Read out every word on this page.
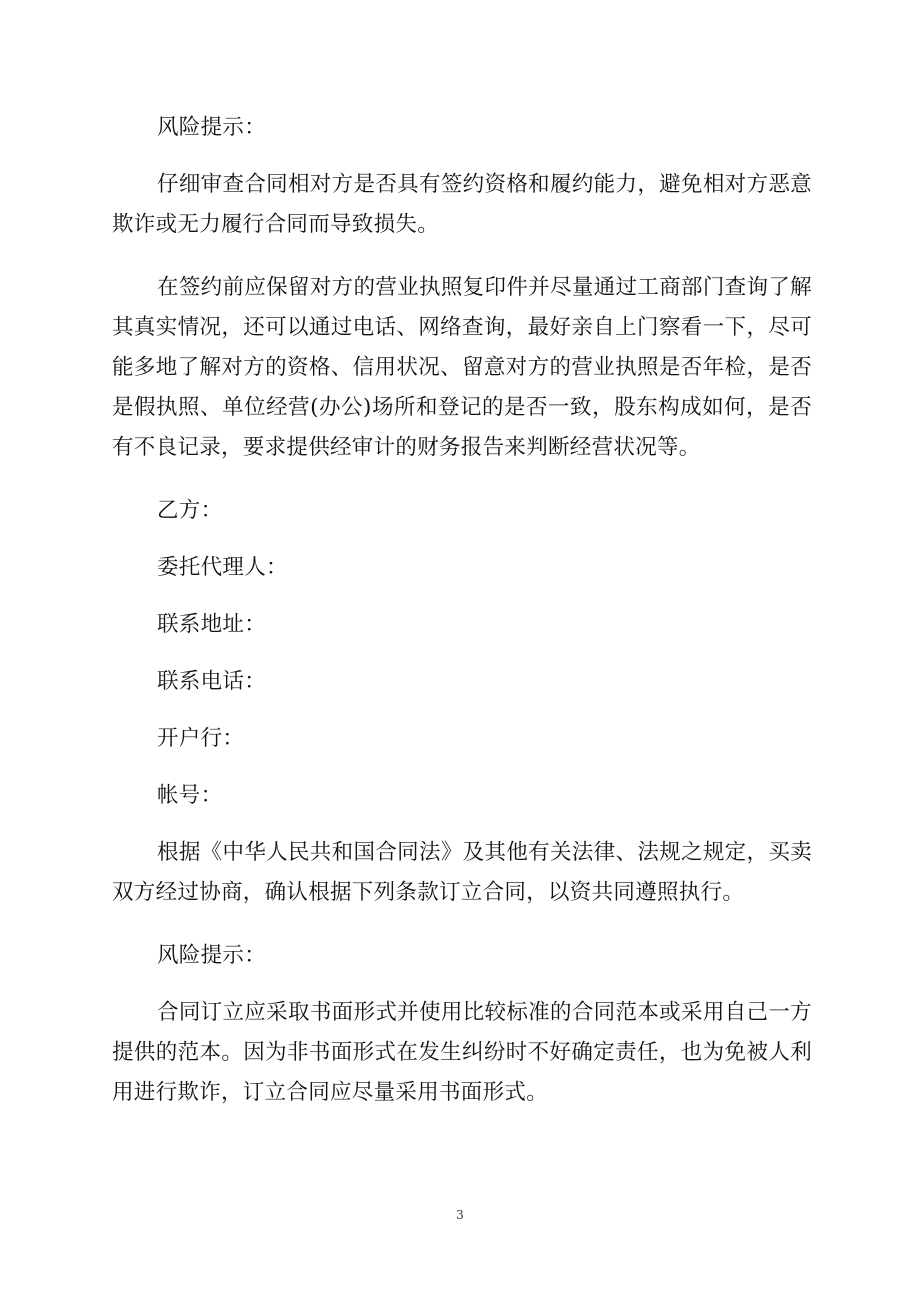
风险提示：

仔细审查合同相对方是否具有签约资格和履约能力，避免相对方恶意欺诈或无力履行合同而导致损失。

在签约前应保留对方的营业执照复印件并尽量通过工商部门查询了解其真实情况，还可以通过电话、网络查询，最好亲自上门察看一下，尽可能多地了解对方的资格、信用状况、留意对方的营业执照是否年检，是否是假执照、单位经营(办公)场所和登记的是否一致，股东构成如何，是否有不良记录，要求提供经审计的财务报告来判断经营状况等。

乙方：

委托代理人：

联系地址：

联系电话：

开户行：

帐号：

根据《中华人民共和国合同法》及其他有关法律、法规之规定，买卖双方经过协商，确认根据下列条款订立合同，以资共同遵照执行。

风险提示：

合同订立应采取书面形式并使用比较标准的合同范本或采用自己一方提供的范本。因为非书面形式在发生纠纷时不好确定责任，也为免被人利用进行欺诈，订立合同应尽量采用书面形式。

3
